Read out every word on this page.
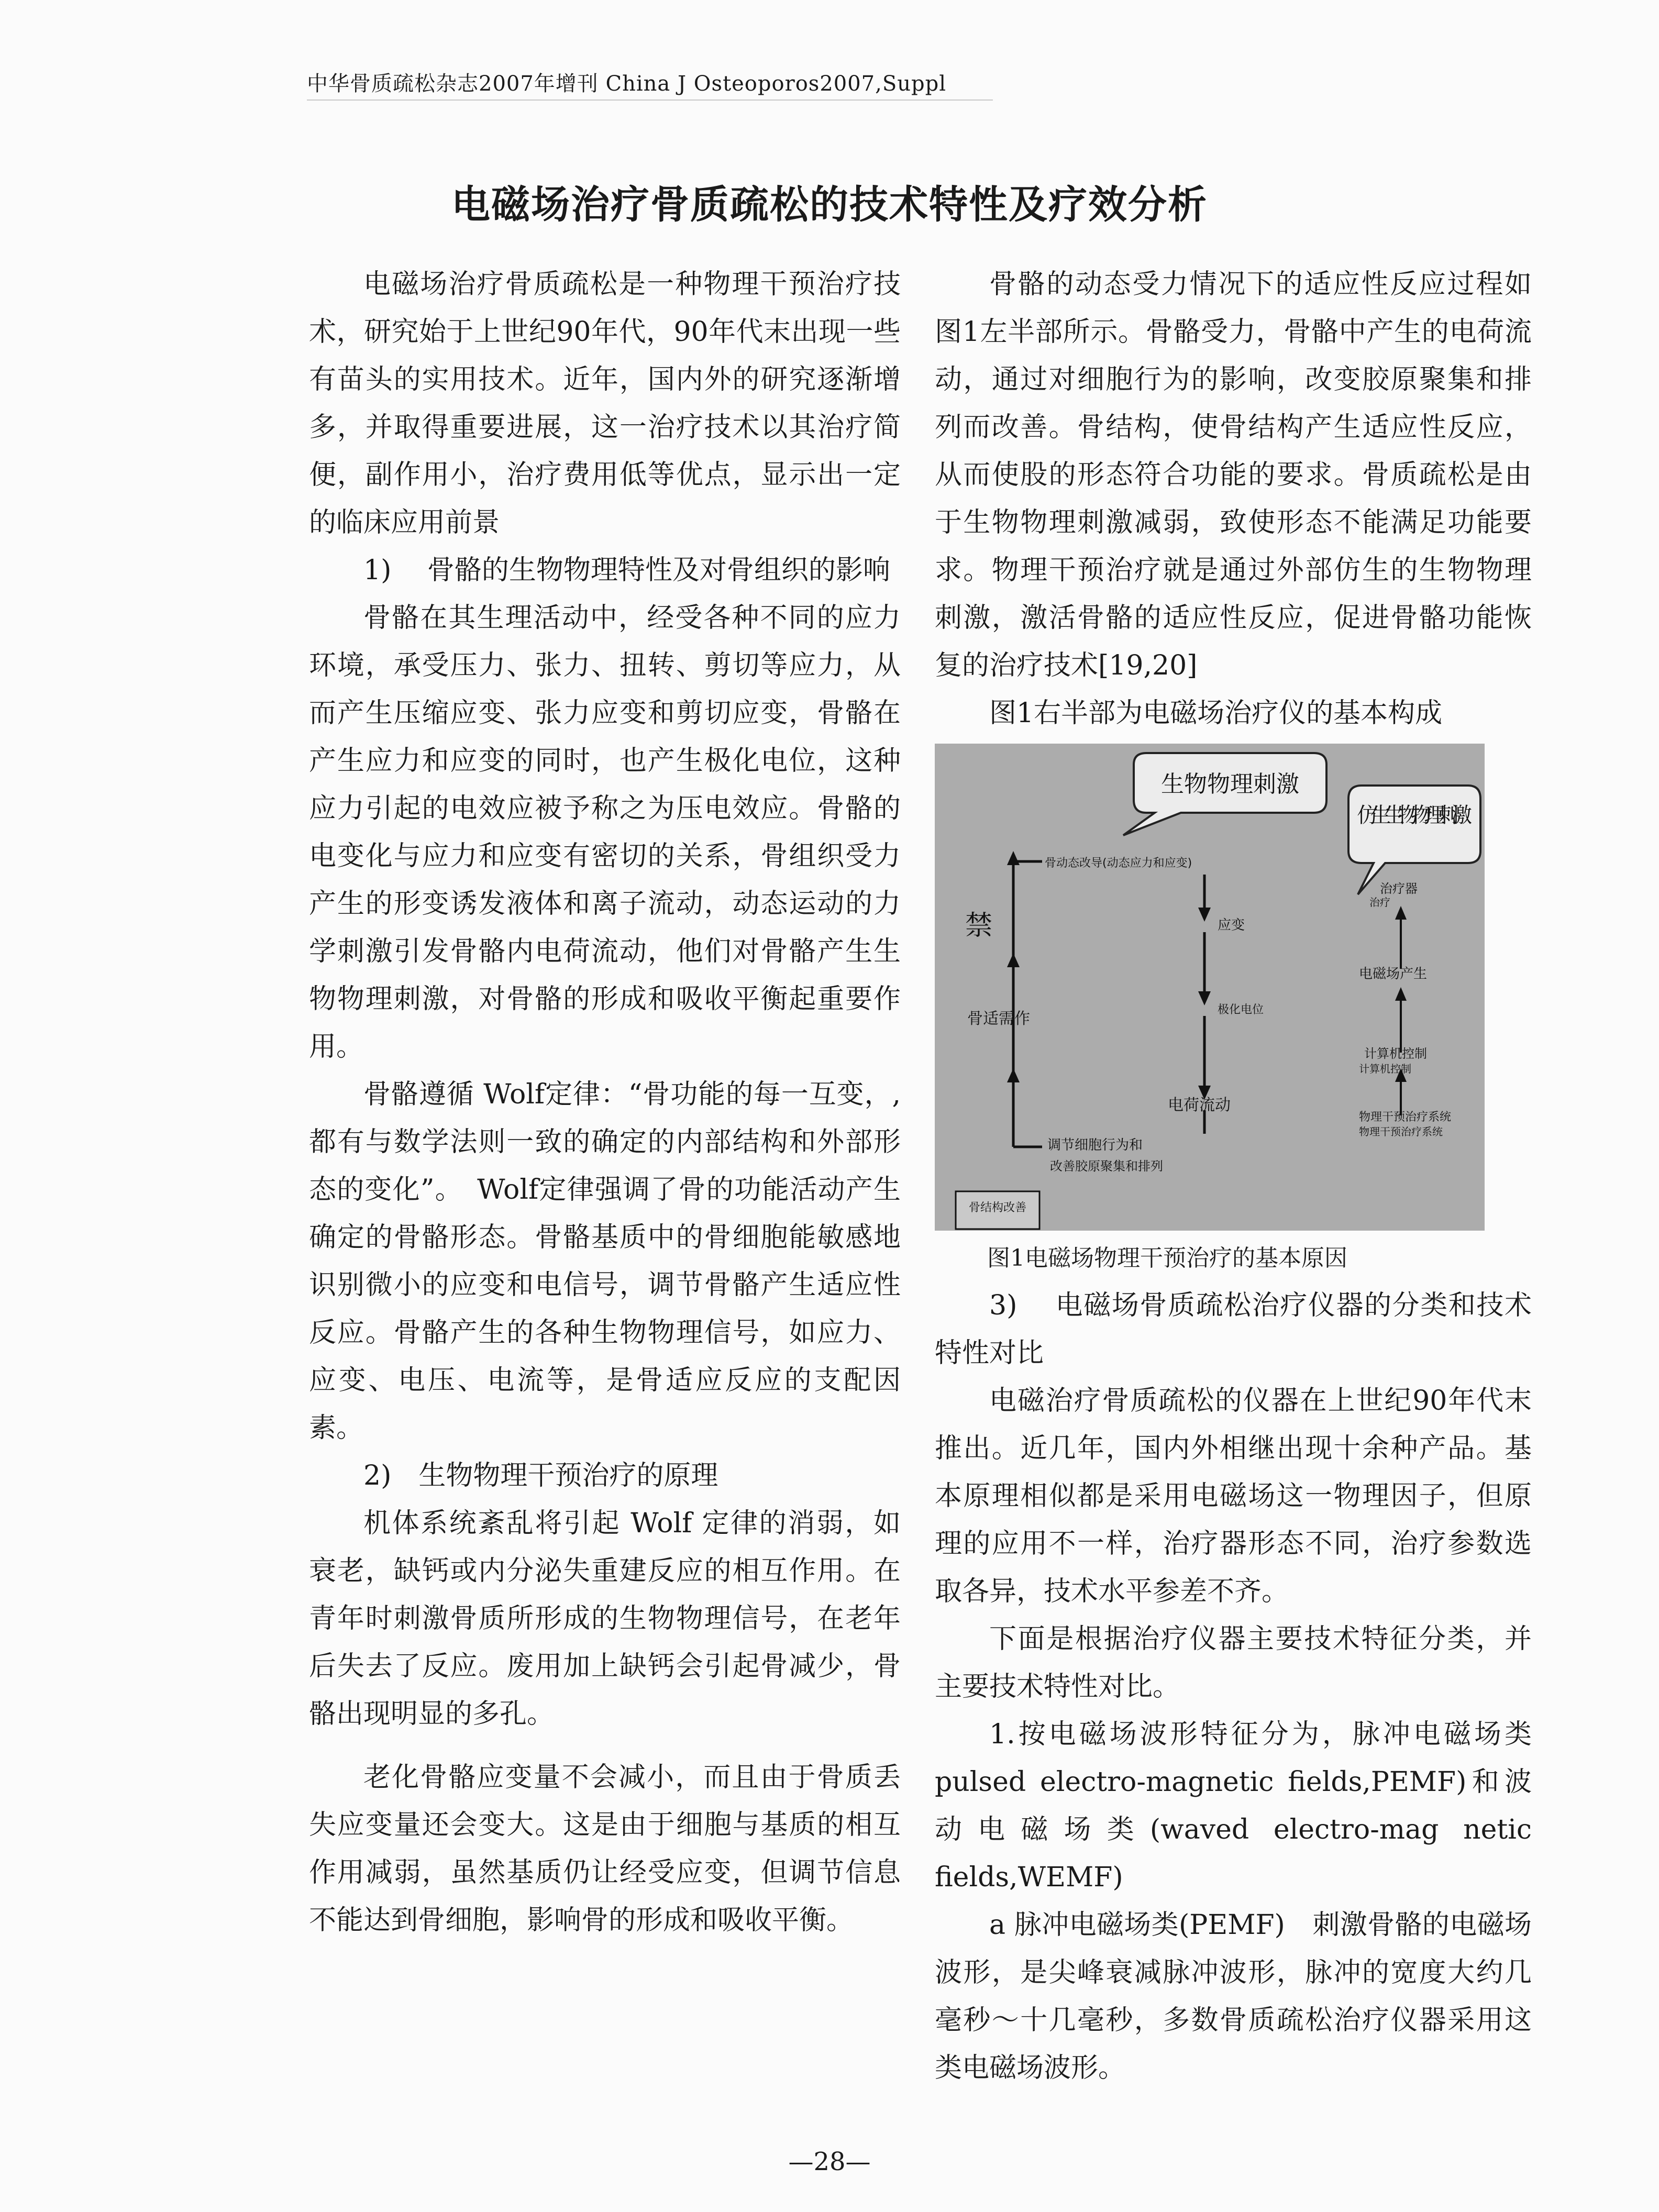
中华骨质疏松杂志2007年增刊 China J Osteoporos2007,Suppl
电磁场治疗骨质疏松的技术特性及疗效分析

电磁场治疗骨质疏松是一种物理干预治疗技术，研究始于上世纪90年代，90年代末出现一些有苗头的实用技术。近年，国内外的研究逐渐增多，并取得重要进展，这一治疗技术以其治疗简便，副作用小，治疗费用低等优点，显示出一定的临床应用前景

1)　 骨骼的生物物理特性及对骨组织的影响

骨骼在其生理活动中，经受各种不同的应力环境，承受压力、张力、扭转、剪切等应力，从而产生压缩应变、张力应变和剪切应变，骨骼在产生应力和应变的同时，也产生极化电位，这种应力引起的电效应被予称之为压电效应。骨骼的电变化与应力和应变有密切的关系，骨组织受力产生的形变诱发液体和离子流动，动态运动的力学刺激引发骨骼内电荷流动，他们对骨骼产生生物物理刺激，对骨骼的形成和吸收平衡起重要作用。

骨骼遵循 Wolf定律：“骨功能的每一互变，,都有与数学法则一致的确定的内部结构和外部形态的变化”。　Wolf定律强调了骨的功能活动产生确定的骨骼形态。骨骼基质中的骨细胞能敏感地识别微小的应变和电信号，调节骨骼产生适应性反应。骨骼产生的各种生物物理信号，如应力、应变、电压、电流等，是骨适应反应的支配因素。

2)　生物物理干预治疗的原理

机体系统紊乱将引起 Wolf 定律的消弱，如衰老，缺钙或内分泌失重建反应的相互作用。在青年时刺激骨质所形成的生物物理信号，在老年后失去了反应。废用加上缺钙会引起骨减少，骨骼出现明显的多孔。

老化骨骼应变量不会减小，而且由于骨质丢失应变量还会变大。这是由于细胞与基质的相互作用减弱，虽然基质仍让经受应变，但调节信息不能达到骨细胞，影响骨的形成和吸收平衡。

骨骼的动态受力情况下的适应性反应过程如图1左半部所示。骨骼受力，骨骼中产生的电荷流动，通过对细胞行为的影响，改变胶原聚集和排列而改善。骨结构，使骨结构产生适应性反应，从而使股的形态符合功能的要求。骨质疏松是由于生物物理刺激减弱，致使形态不能满足功能要求。物理干预治疗就是通过外部仿生的生物物理刺激，激活骨骼的适应性反应，促进骨骼功能恢复的治疗技术[19,20]

图1右半部为电磁场治疗仪的基本构成

生物物理刺激
仿生生物物理刺激
骨动态改导(动态应力和应变)
应变
极化电位
电荷流动
调节细胞行为和
改善胶原聚集和排列
禁
骨适需作
骨结构改善
治疗器
治疗
电磁场产生
计算机控制
计算机控制
物理干预治疗系统
物理干预治疗系统

图1电磁场物理干预治疗的基本原因

3)　 电磁场骨质疏松治疗仪器的分类和技术特性对比

电磁治疗骨质疏松的仪器在上世纪90年代末推出。近几年，国内外相继出现十余种产品。基本原理相似都是采用电磁场这一物理因子，但原理的应用不一样，治疗器形态不同，治疗参数选取各异，技术水平参差不齐。

下面是根据治疗仪器主要技术特征分类，并主要技术特性对比。

1.按电磁场波形特征分为，脉冲电磁场类 pulsed electro-magnetic fields,PEMF)和波动电磁场类(waved electro-mag netic fields,WEMF)

a 脉冲电磁场类(PEMF)　刺激骨骼的电磁场波形，是尖峰衰减脉冲波形，脉冲的宽度大约几毫秒～十几毫秒，多数骨质疏松治疗仪器采用这类电磁场波形。

—28—
